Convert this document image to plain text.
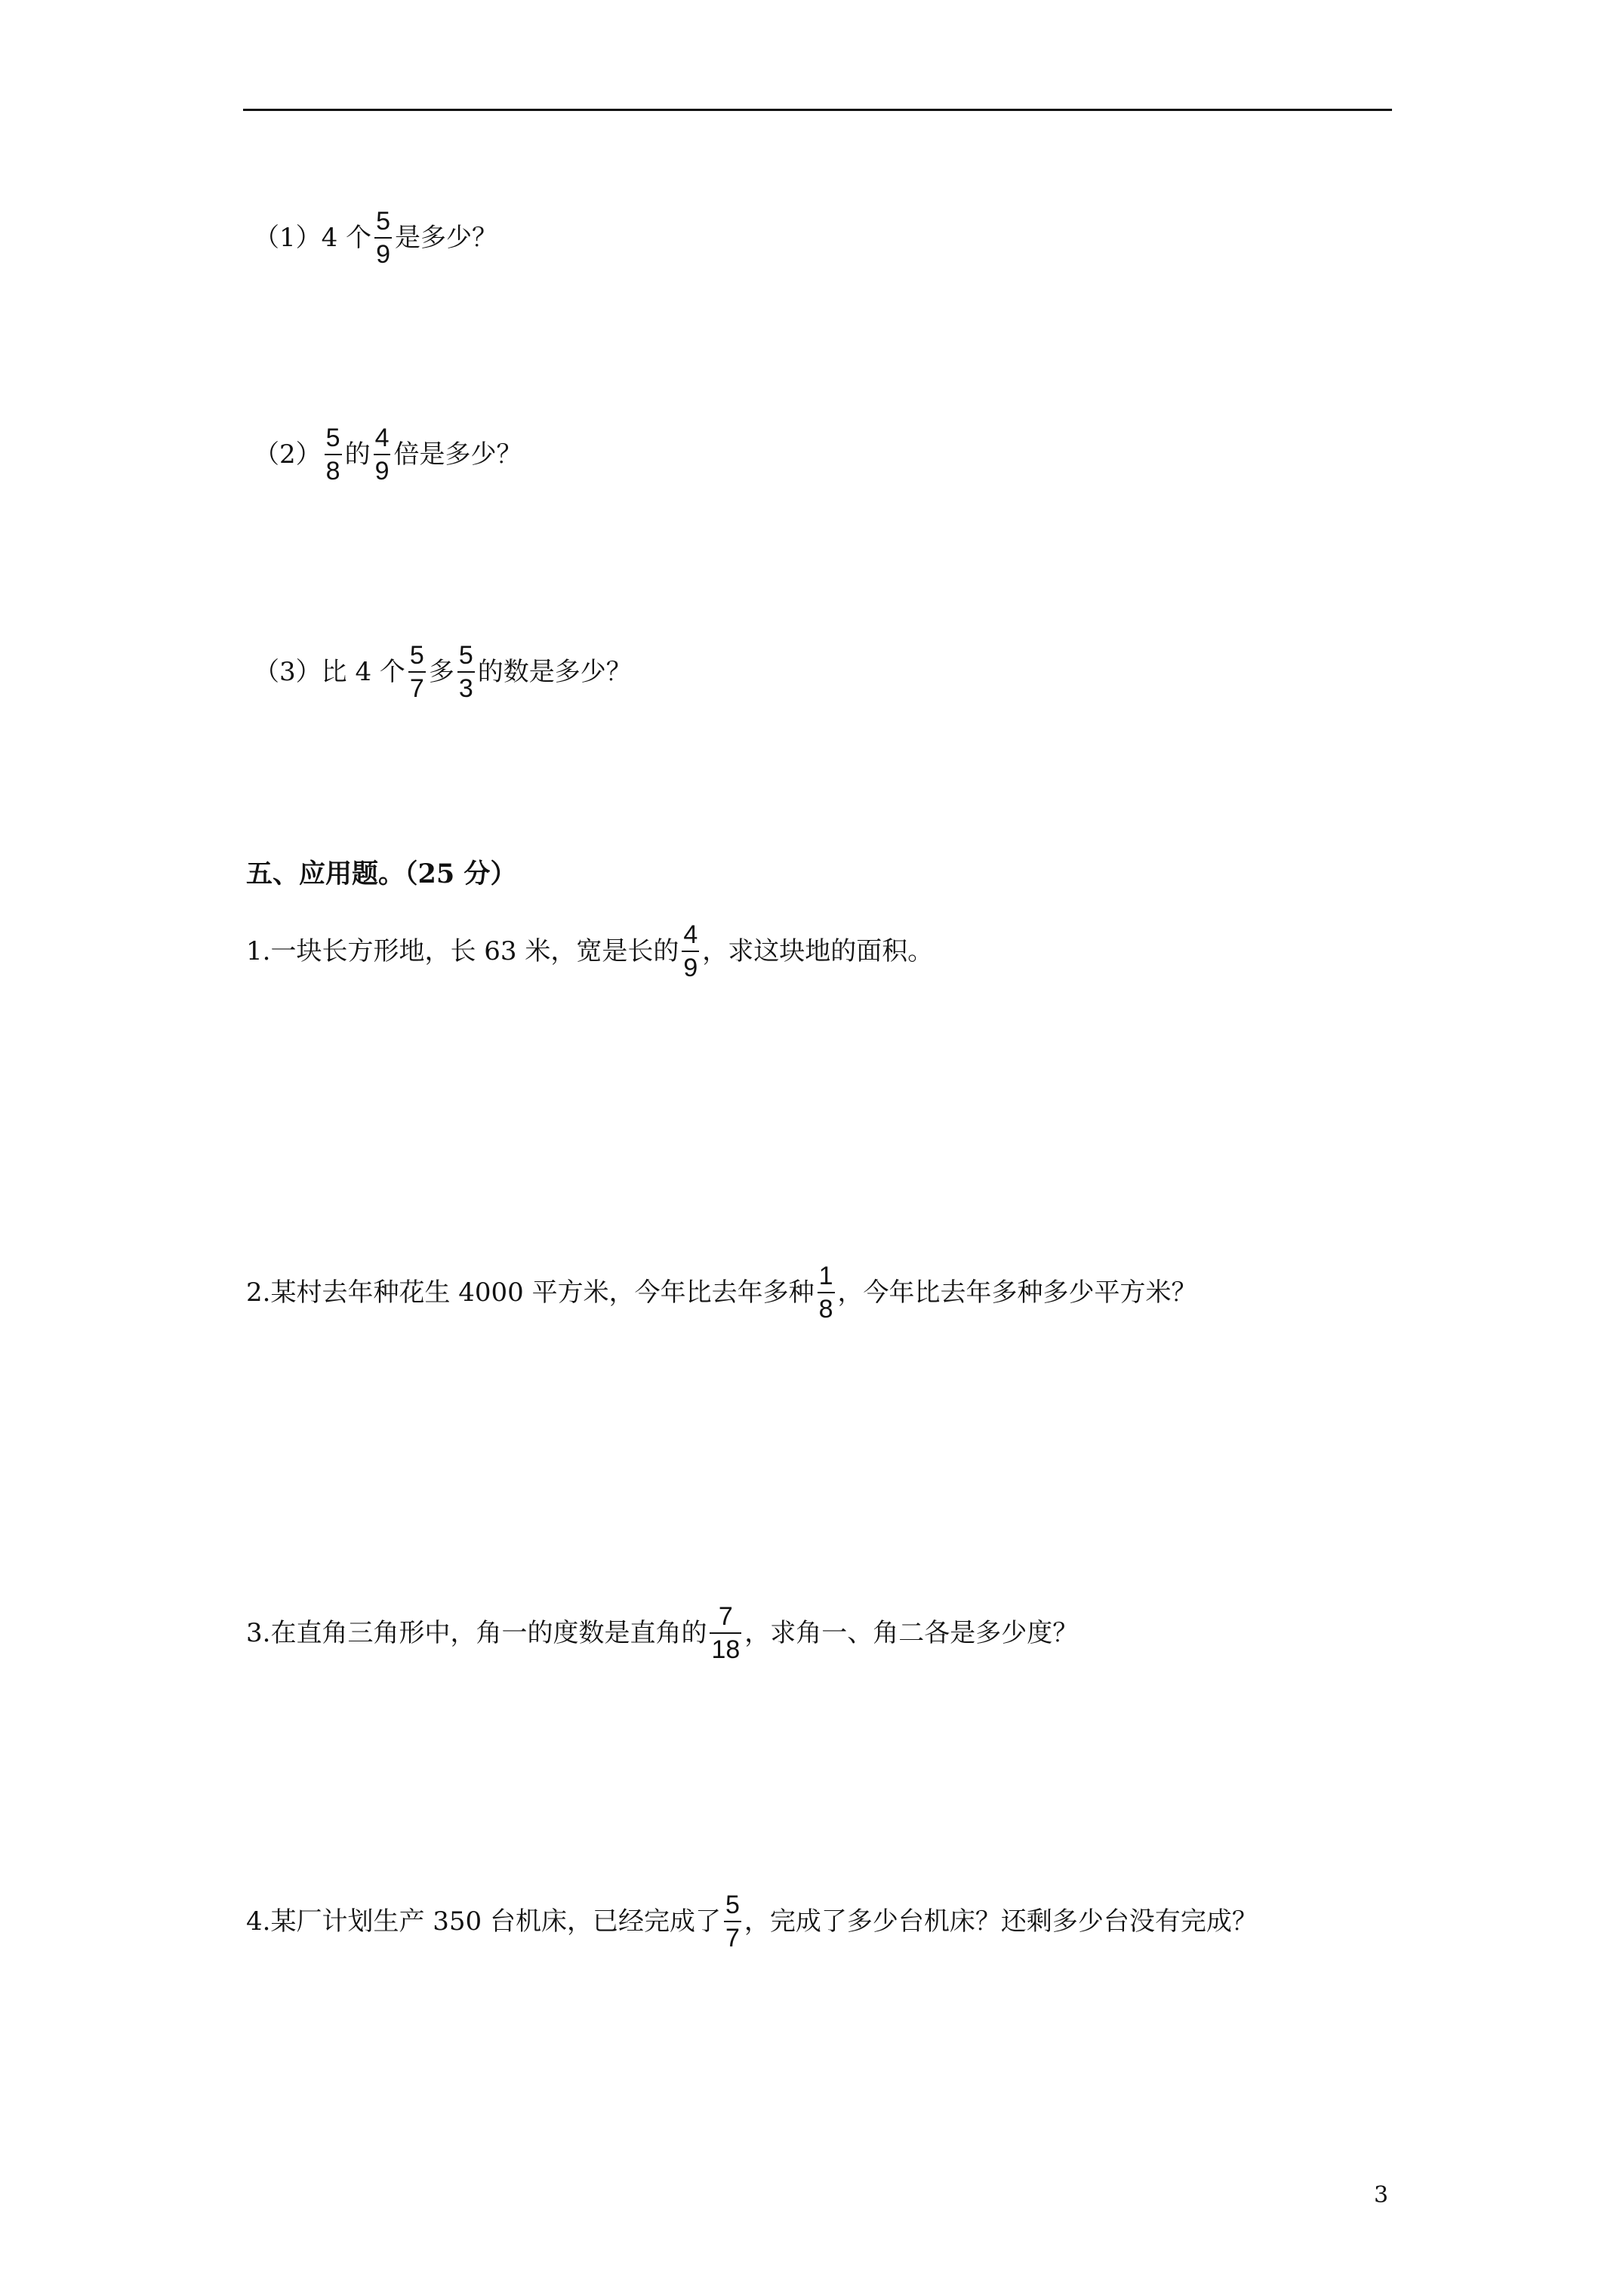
（1）4 个 $\frac{5}{9}$ 是多少？
$(2) \frac{5}{8}$ 的 $\frac{4}{9}$ 倍是多少？
（3）比 4 个 $\frac{5}{7}$ 多 $\frac{5}{3}$ 的数是多少？
五、应用题。（25 分）
1.一块长方形地，长 63 米，宽是长的 $\frac{4}{9}$ ，求这块地的面积。
2.某村去年种花生 4000 平方米，今年比去年多种 $\frac{1}{8}$ ，今年比去年多种多少平方米？
3.在直角三角形中，角一的度数是直角的 $\frac{7}{18}$ ，求角一、角二各是多少度？
4.某厂计划生产 350 台机床，已经完成了 $\frac{5}{7}$ ，完成了多少台机床？还剩多少台没有完成？
3
